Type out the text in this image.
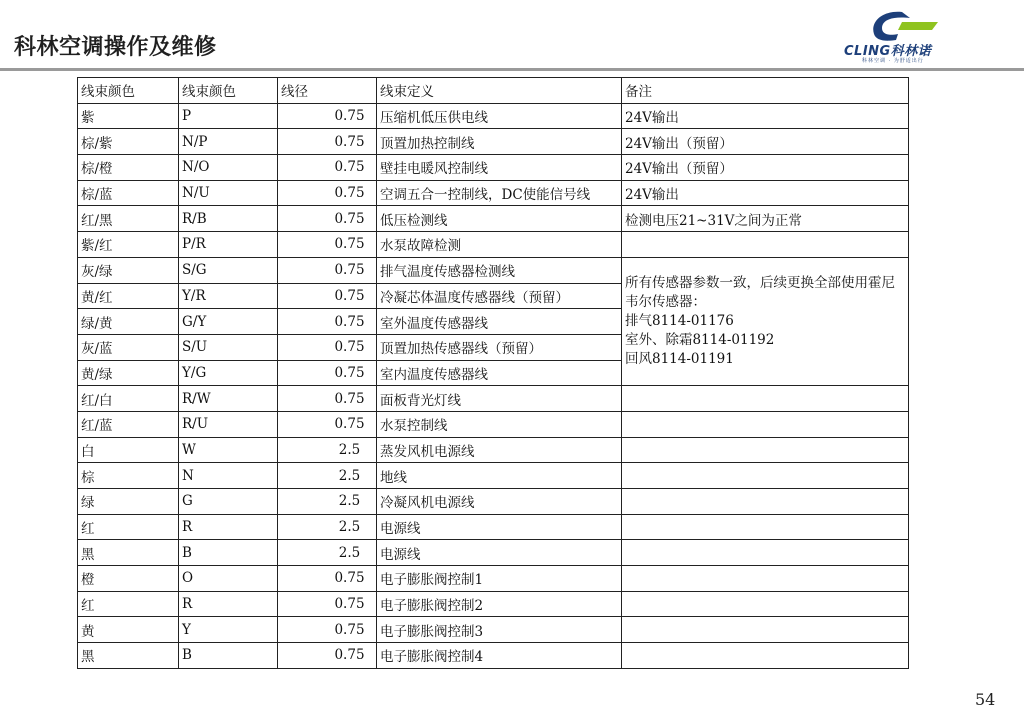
科林空调操作及维修	CLING科林诺
科林空调 · 为舒适出行
线束颜色	线束颜色	线径	线束定义	备注
紫	P	0.75	压缩机低压供电线	24V输出
棕/紫	N/P	0.75	顶置加热控制线	24V输出（预留）
棕/橙	N/O	0.75	壁挂电暖风控制线	24V输出（预留）
棕/蓝	N/U	0.75	空调五合一控制线，DC使能信号线	24V输出
红/黑	R/B	0.75	低压检测线	检测电压21~31V之间为正常
紫/红	P/R	0.75	水泵故障检测	
灰/绿	S/G	0.75	排气温度传感器检测线	所有传感器参数一致，后续更换全部使用霍尼韦尔传感器：
排气8114-01176
室外、除霜8114-01192
回风8114-01191

黄/红	Y/R	0.75	冷凝芯体温度传感器线（预留）	
绿/黄	G/Y	0.75	室外温度传感器线	
灰/蓝	S/U	0.75	顶置加热传感器线（预留）	
黄/绿	Y/G	0.75	室内温度传感器线	
红/白	R/W	0.75	面板背光灯线	
红/蓝	R/U	0.75	水泵控制线	
白	W	2.5	蒸发风机电源线	
棕	N	2.5	地线	
绿	G	2.5	冷凝风机电源线	
红	R	2.5	电源线	
黑	B	2.5	电源线	
橙	O	0.75	电子膨胀阀控制1	
红	R	0.75	电子膨胀阀控制2	
黄	Y	0.75	电子膨胀阀控制3	
黑	B	0.75	电子膨胀阀控制4	
54
